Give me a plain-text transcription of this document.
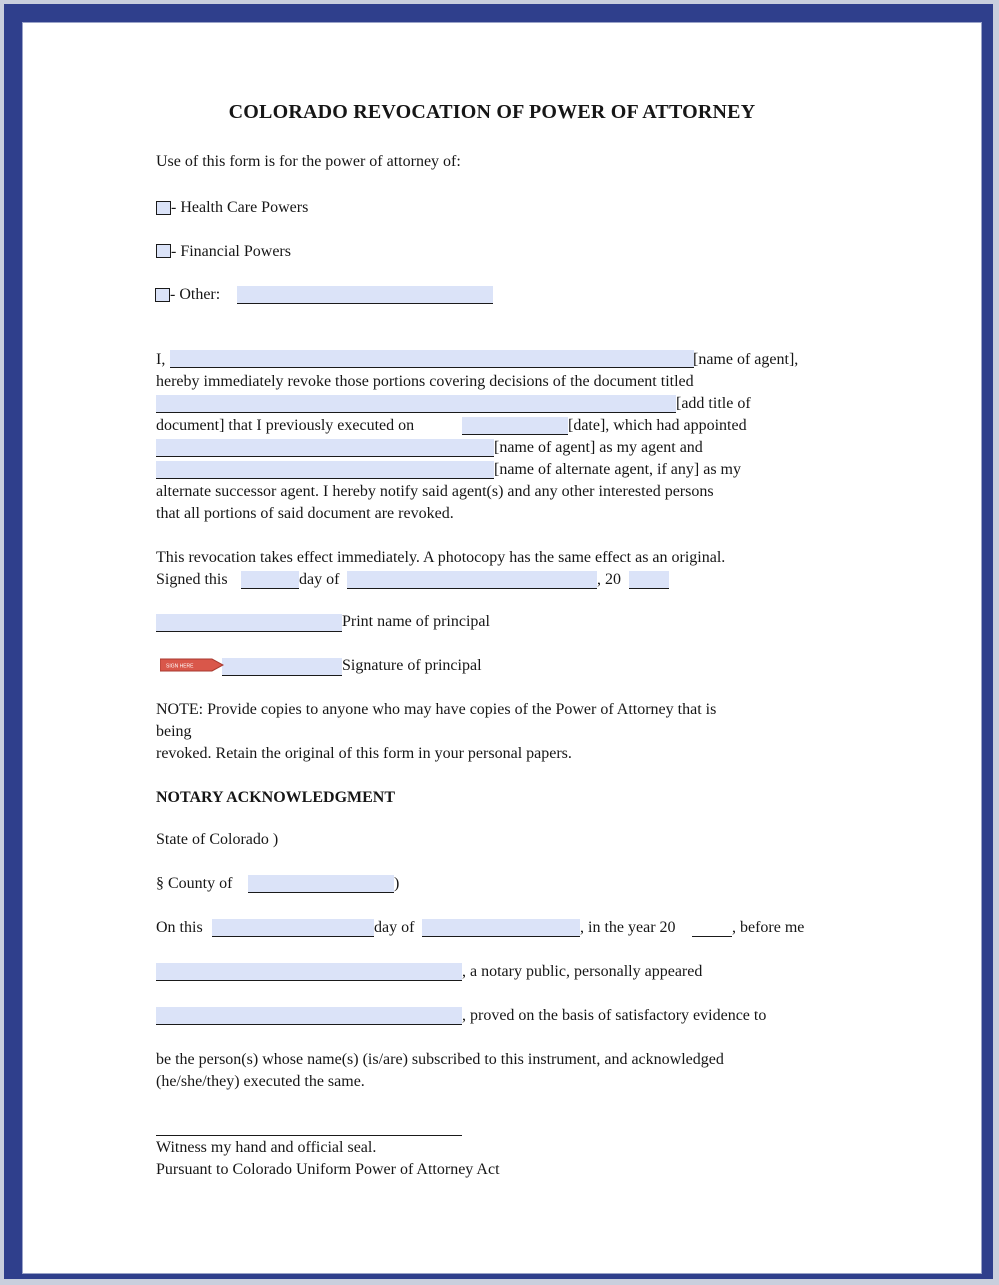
COLORADO REVOCATION OF POWER OF ATTORNEY
Use of this form is for the power of attorney of:
- Health Care Powers
- Financial Powers
- Other:
I,	[name of agent],
hereby immediately revoke those portions covering decisions of the document titled
[add title of
document] that I previously executed on	[date], which had appointed
[name of agent] as my agent and
[name of alternate agent, if any] as my
alternate successor agent. I hereby notify said agent(s) and any other interested persons
that all portions of said document are revoked.
This revocation takes effect immediately. A photocopy has the same effect as an original.
Signed this	day of	, 20
Print name of principal
SIGN HERE	Signature of principal
NOTE: Provide copies to anyone who may have copies of the Power of Attorney that is
being
revoked. Retain the original of this form in your personal papers.
NOTARY ACKNOWLEDGMENT
State of Colorado )
§ County of	)
On this	day of	, in the year 20	, before me
, a notary public, personally appeared
, proved on the basis of satisfactory evidence to
be the person(s) whose name(s) (is/are) subscribed to this instrument, and acknowledged
(he/she/they) executed the same.
Witness my hand and official seal.
Pursuant to Colorado Uniform Power of Attorney Act
